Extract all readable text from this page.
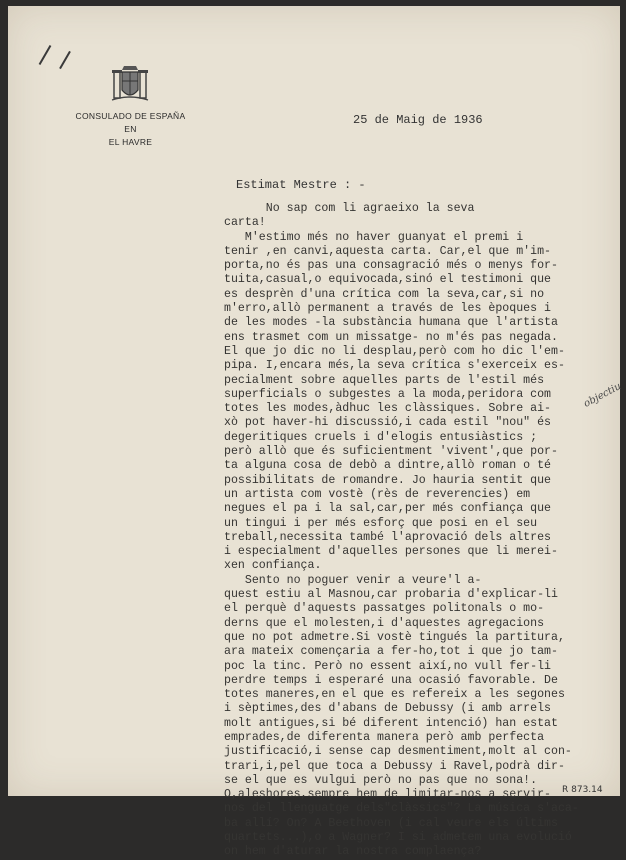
CONSULADO DE ESPAÑA
EN
EL HAVRE
25 de Maig de 1936
Estimat Mestre : -
No sap com li agraeixo la seva
carta!
M'estimo més no haver guanyat el premi i
tenir ,en canvi,aquesta carta. Car,el que m'im-
porta,no és pas una consagració més o menys for-
tuita,casual,o equivocada,sinó el testimoni que
es desprèn d'una crítica com la seva,car,si no
m'erro,allò permanent a través de les èpoques i
de les modes -la substància humana que l'artista
ens trasmet com un missatge- no m'és pas negada.
El que jo dic no li desplau,però com ho dic l'em-
pipa. I,encara més,la seva crítica s'exerceix es-
pecialment sobre aquelles parts de l'estil més
superficials o subgestes a la moda,peridora com
totes les modes,àdhuc les clàssiques. Sobre ai-
xò pot haver-hi discussió,i cada estil "nou" és
degeritiques cruels i d'elogis entusiàstics ;
però allò que és suficientment 'vivent',que por-
ta alguna cosa de debò a dintre,allò roman o té
possibilitats de romandre. Jo hauria sentit que
un artista com vostè (rès de reverencies) em
negues el pa i la sal,car,per més confiança que
un tingui i per més esforç que posi en el seu
treball,necessita també l'aprovació dels altres
i especialment d'aquelles persones que li merei-
xen confiança.
Sento no poguer venir a veure'l a-
quest estiu al Masnou,car probaria d'explicar-li
el perquè d'aquests passatges politonals o mo-
derns que el molesten,i d'aquestes agregacions
que no pot admetre.Si vostè tingués la partitura,
ara mateix començaria a fer-ho,tot i que jo tam-
poc la tinc. Però no essent així,no vull fer-li
perdre temps i esperaré una ocasió favorable. De
totes maneres,en el que es refereix a les segones
i sèptimes,des d'abans de Debussy (i amb arrels
molt antigues,si bé diferent intenció) han estat
emprades,de diferenta manera però amb perfecta
justificació,i sense cap desmentiment,molt al con-
trari,i,pel que toca a Debussy i Ravel,podrà dir-
se el que es vulgui però no pas que no sona!.
O,aleshores,sempre hem de limitar-nos a servir-
nos del llenguatge dels"clàssics"? La música s'aca-
ba allí? On? A Beethoven (i cal veure els últims
quartets...),o a Wagner? I si admetem una evolució
on hem d'aturar la nostra complaença?
objectiu
R 873.14
